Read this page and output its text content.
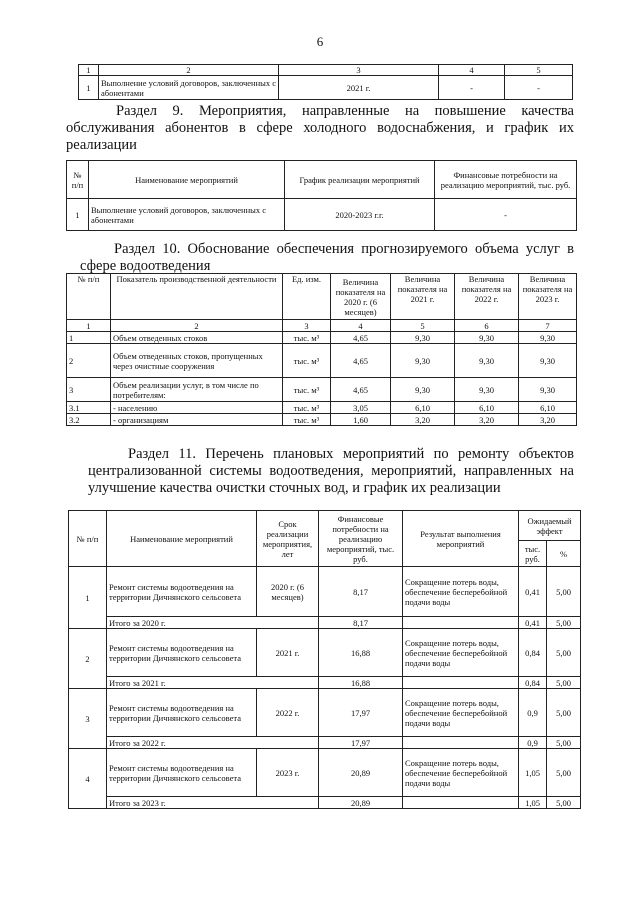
6
1	2	3	4	5
1	Выполнение условий договоров, заключенных с абонентами	2021 г.	-	-
Раздел 9. Мероприятия, направленные на повышение качества обслуживания абонентов в сфере холодного водоснабжения, и график их реализации
№ п/п	Наименование мероприятий	График реализации мероприятий	Финансовые потребности на реализацию мероприятий, тыс. руб.
1	Выполнение условий договоров, заключенных с абонентами	2020-2023 г.г.	-
Раздел 10. Обоснование обеспечения прогнозируемого объема услуг в сфере водоотведения
№ п/п	Показатель производственной деятельности	Ед. изм.	Величина показателя на 2020 г. (6 месяцев)	Величина показателя на 2021 г.	Величина показателя на 2022 г.	Величина показателя на 2023 г.
1	2	3	4	5	6	7
1	Объем отведенных стоков	тыс. м³	4,65	9,30	9,30	9,30
2	Объем отведенных стоков, пропущенных через очистные сооружения	тыс. м³	4,65	9,30	9,30	9,30
3	Объем реализации услуг, в том числе по потребителям:	тыс. м³	4,65	9,30	9,30	9,30
3.1	- населению	тыс. м³	3,05	6,10	6,10	6,10
3.2	- организациям	тыс. м³	1,60	3,20	3,20	3,20
Раздел 11. Перечень плановых мероприятий по ремонту объектов централизованной системы водоотведения, мероприятий, направленных на улучшение качества очистки сточных вод, и график их реализации
№ п/п	Наименование мероприятий	Срок реализации мероприятия, лет	Финансовые потребности на реализацию мероприятий, тыс. руб.	Результат выполнения мероприятий	Ожидаемый эффект	
					тыс. руб.	%
1	Ремонт системы водоотведения на территории Дичнянского сельсовета	2020 г. (6 месяцев)	8,17	Сокращение потерь воды, обеспечение бесперебойной подачи воды	0,41	5,00
	Итого за 2020 г.		8,17		0,41	5,00
2	Ремонт системы водоотведения на территории Дичнянского сельсовета	2021 г.	16,88	Сокращение потерь воды, обеспечение бесперебойной подачи воды	0,84	5,00
	Итого за 2021 г.		16,88		0,84	5,00
3	Ремонт системы водоотведения на территории Дичнянского сельсовета	2022 г.	17,97	Сокращение потерь воды, обеспечение бесперебойной подачи воды	0,9	5,00
	Итого за 2022 г.		17,97		0,9	5,00
4	Ремонт системы водоотведения на территории Дичнянского сельсовета	2023 г.	20,89	Сокращение потерь воды, обеспечение бесперебойной подачи воды	1,05	5,00
	Итого за 2023 г.		20,89		1,05	5,00
